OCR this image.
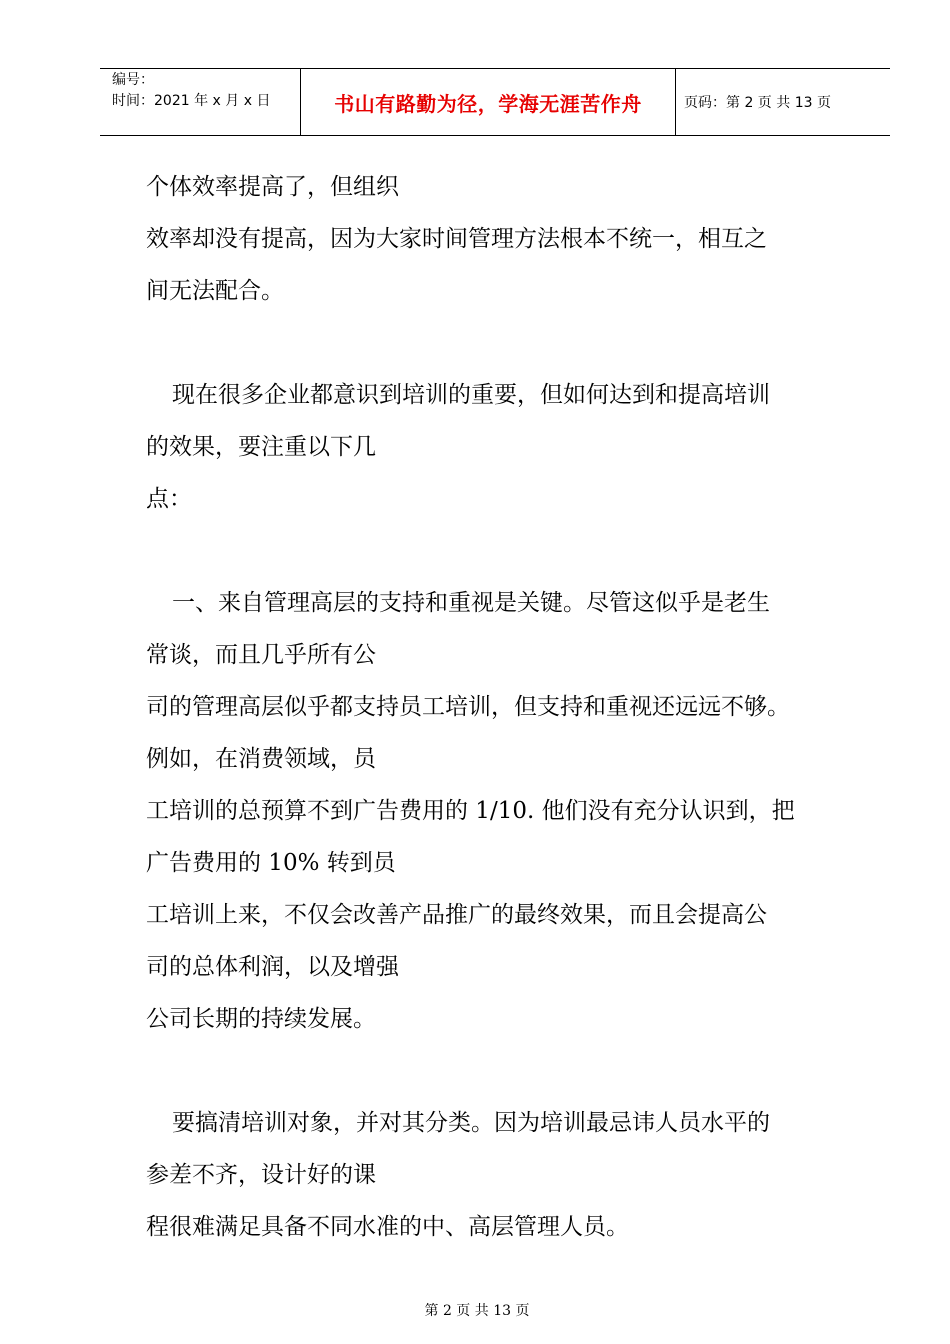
编号：
时间：2021 年 x 月 x 日	书山有路勤为径，学海无涯苦作舟	页码：第 2 页 共 13 页

个体效率提高了，但组织

效率却没有提高，因为大家时间管理方法根本不统一，相互之

间无法配合。

现在很多企业都意识到培训的重要，但如何达到和提高培训

的效果，要注重以下几

点：

一、来自管理高层的支持和重视是关键。尽管这似乎是老生

常谈，而且几乎所有公

司的管理高层似乎都支持员工培训，但支持和重视还远远不够。

例如，在消费领域，员

工培训的总预算不到广告费用的 1/10. 他们没有充分认识到，把

广告费用的 10% 转到员

工培训上来，不仅会改善产品推广的最终效果，而且会提高公

司的总体利润，以及增强

公司长期的持续发展。

要搞清培训对象，并对其分类。因为培训最忌讳人员水平的

参差不齐，设计好的课

程很难满足具备不同水准的中、高层管理人员。

第 2 页 共 13 页
